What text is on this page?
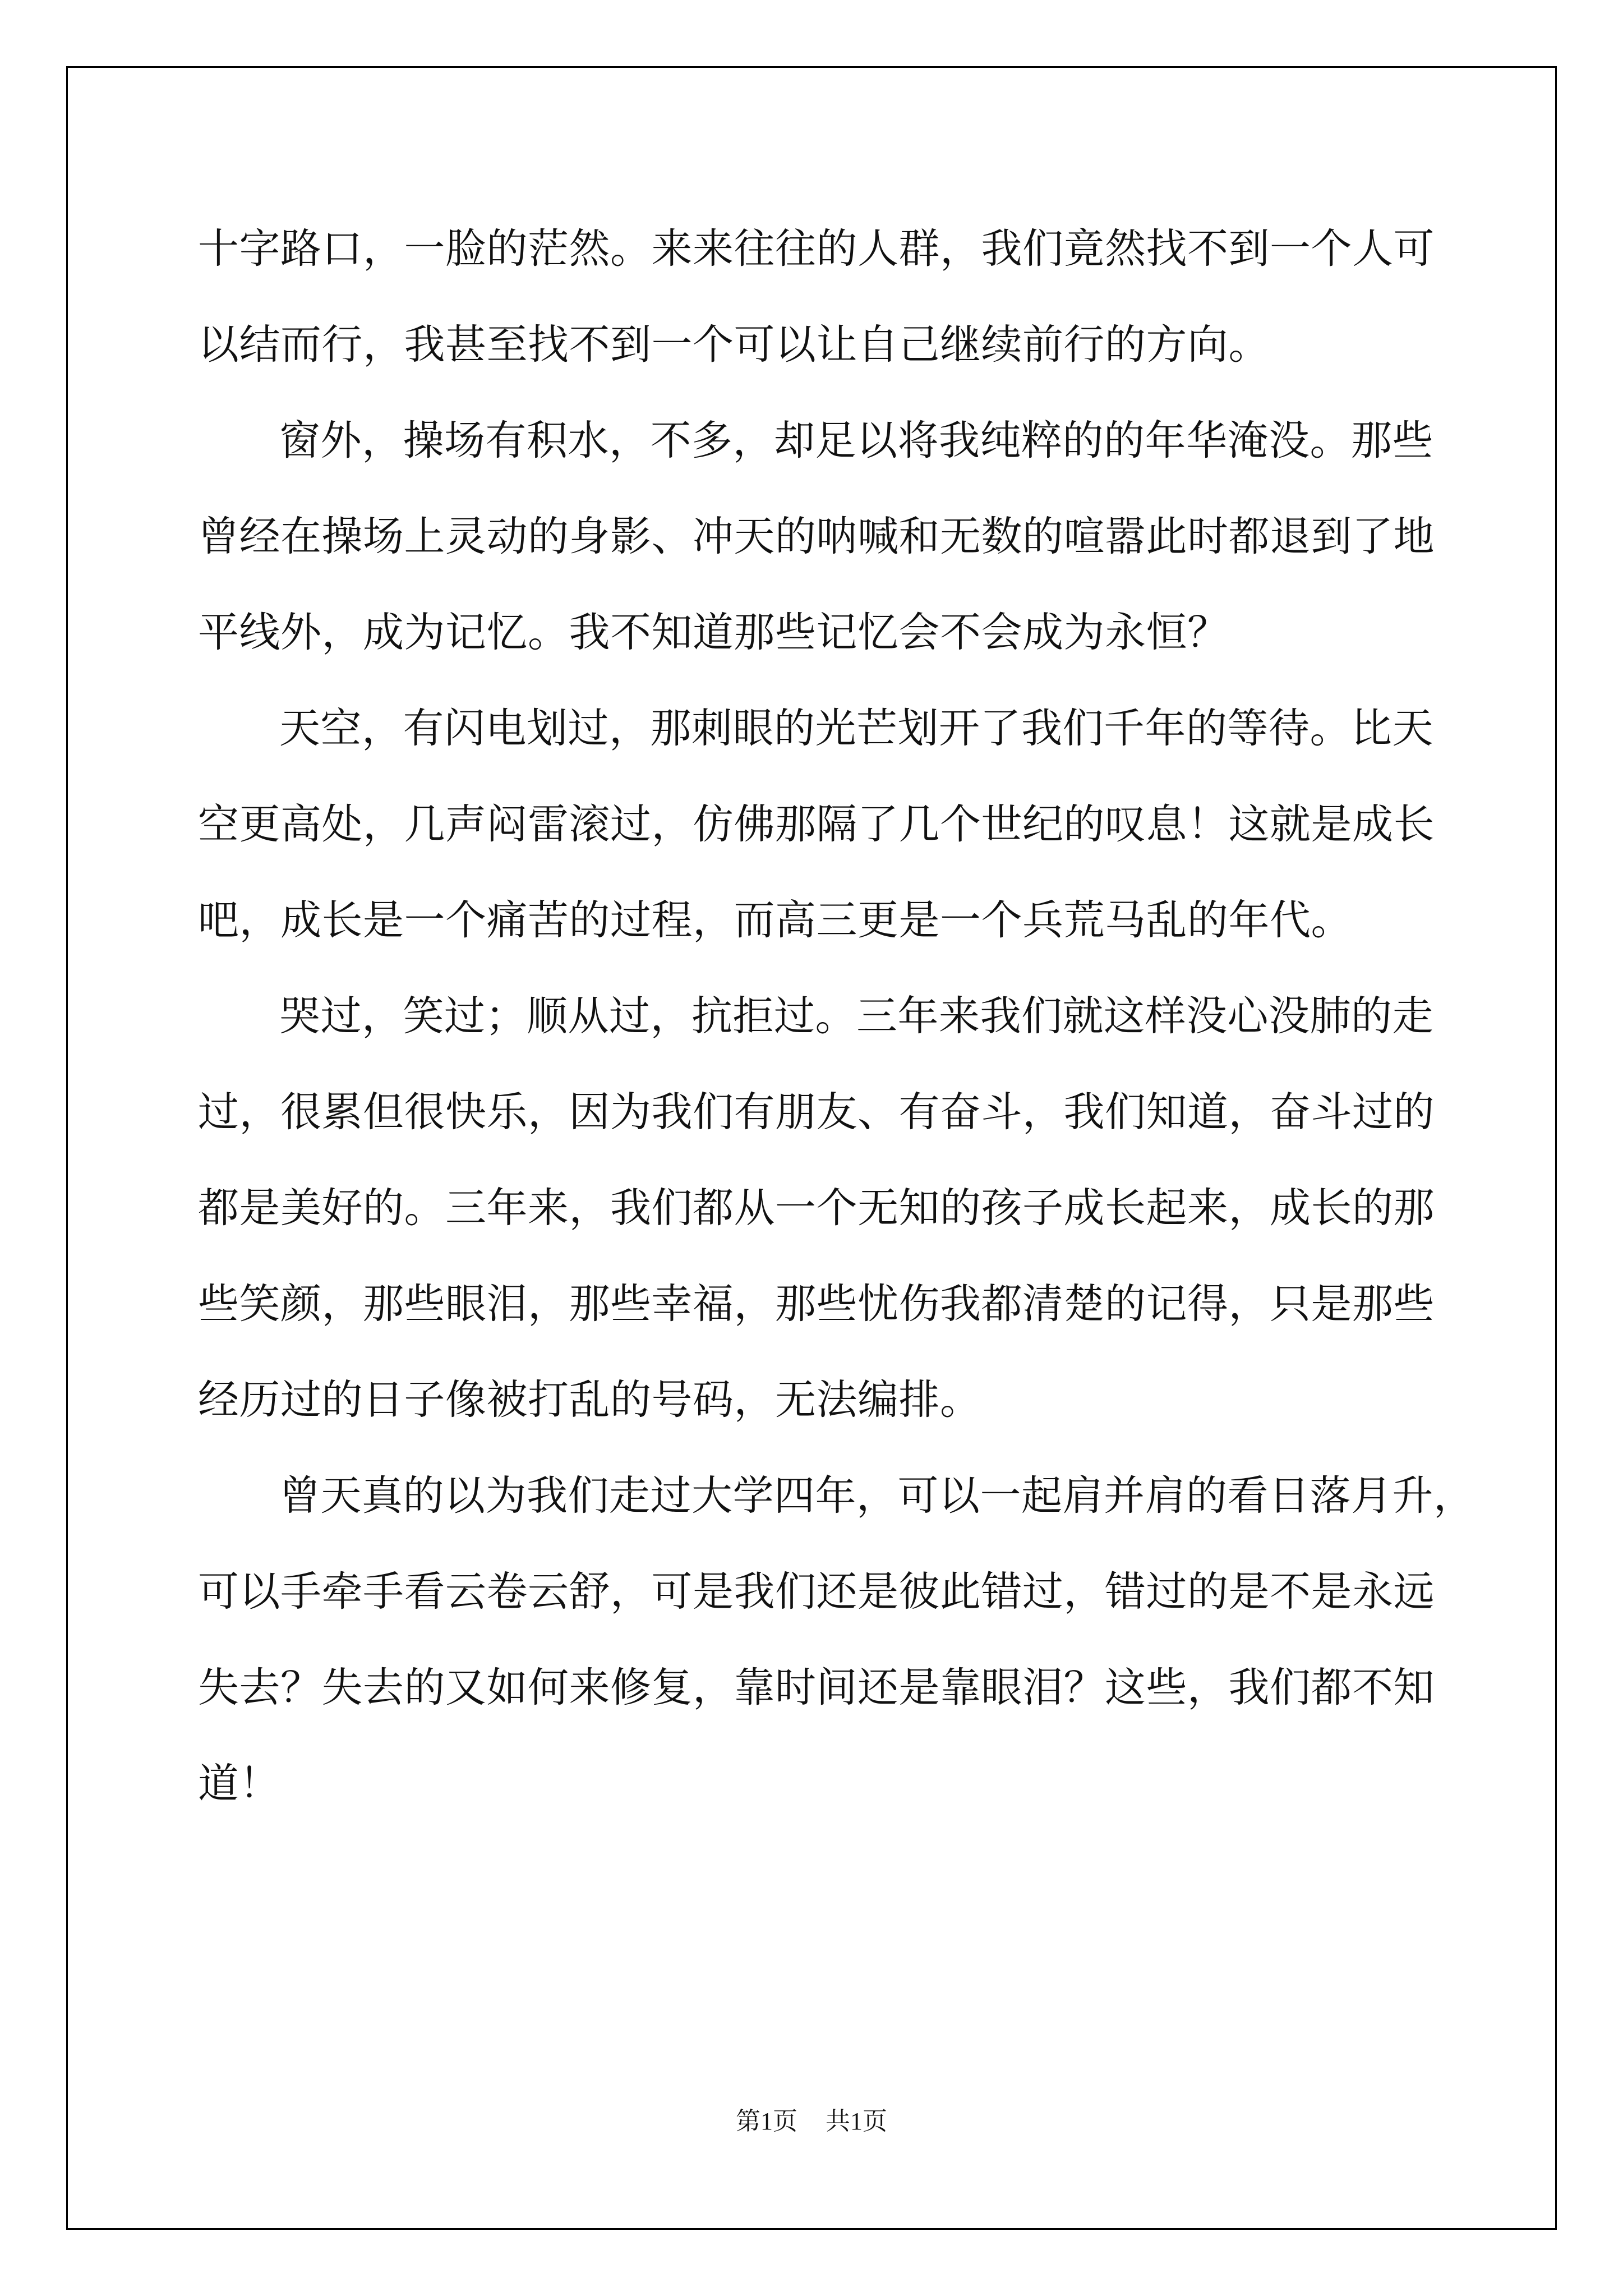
十字路口，一脸的茫然。来来往往的人群，我们竟然找不到一个人可
以结而行，我甚至找不到一个可以让自己继续前行的方向。
窗外，操场有积水，不多，却足以将我纯粹的的年华淹没。那些
曾经在操场上灵动的身影、冲天的呐喊和无数的喧嚣此时都退到了地
平线外，成为记忆。我不知道那些记忆会不会成为永恒？
天空，有闪电划过，那刺眼的光芒划开了我们千年的等待。比天
空更高处，几声闷雷滚过，仿佛那隔了几个世纪的叹息！这就是成长
吧，成长是一个痛苦的过程，而高三更是一个兵荒马乱的年代。
哭过，笑过；顺从过，抗拒过。三年来我们就这样没心没肺的走
过，很累但很快乐，因为我们有朋友、有奋斗，我们知道，奋斗过的
都是美好的。三年来，我们都从一个无知的孩子成长起来，成长的那
些笑颜，那些眼泪，那些幸福，那些忧伤我都清楚的记得，只是那些
经历过的日子像被打乱的号码，无法编排。
曾天真的以为我们走过大学四年，可以一起肩并肩的看日落月升，
可以手牵手看云卷云舒，可是我们还是彼此错过，错过的是不是永远
失去？失去的又如何来修复，靠时间还是靠眼泪？这些，我们都不知
道！
第1页 共1页
